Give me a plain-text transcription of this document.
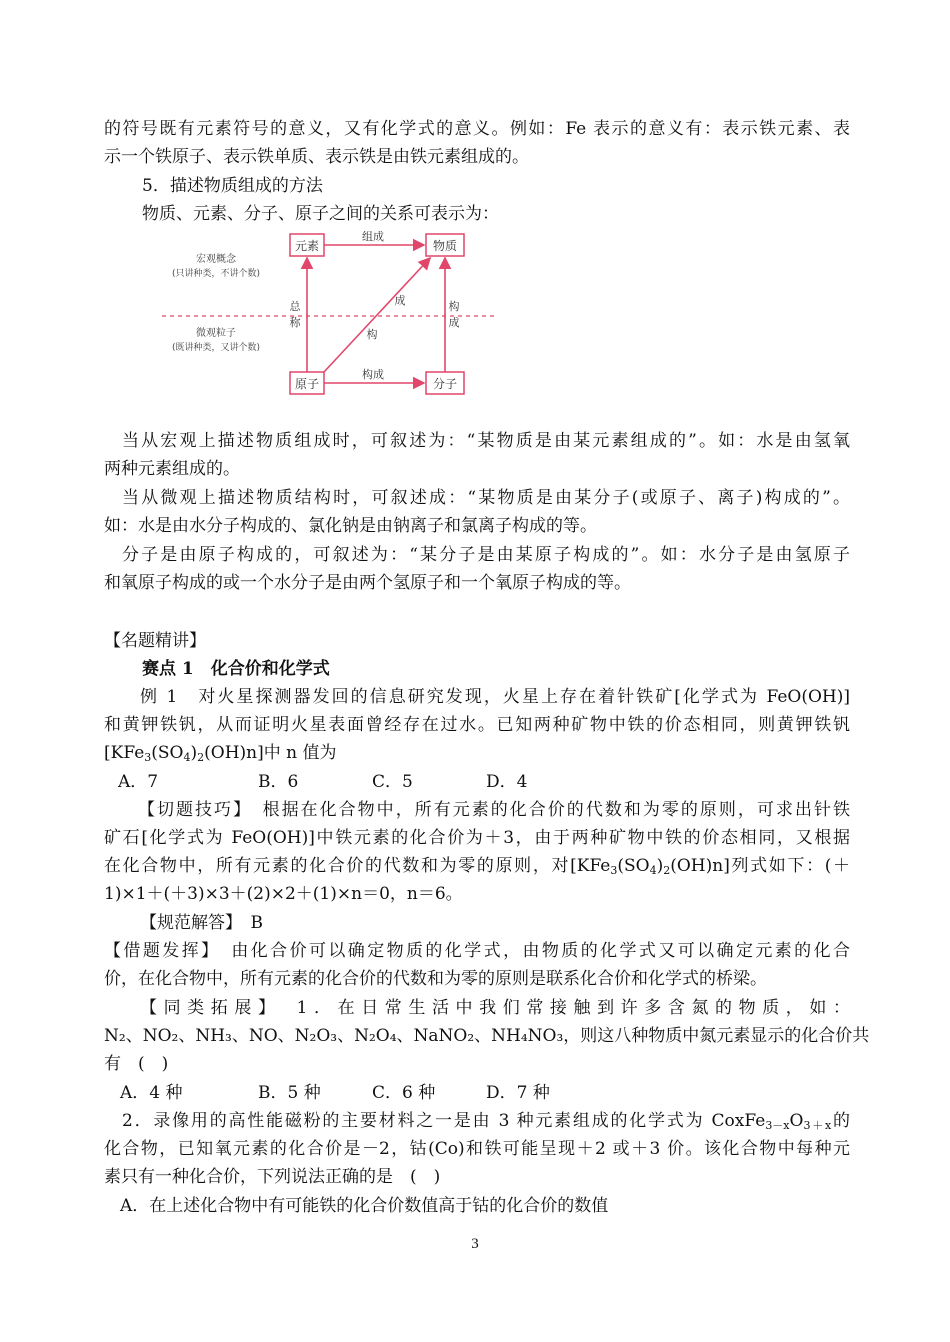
的符号既有元素符号的意义，又有化学式的意义。例如：Fe 表示的意义有：表示铁元素、表
示一个铁原子、表示铁单质、表示铁是由铁元素组成的。
5．描述物质组成的方法
物质、元素、分子、原子之间的关系可表示为：
元素	物质
原子	分子
组成
构成
总
称
成
构
构
成
宏观概念
(只讲种类，不讲个数)
微观粒子
(既讲种类，又讲个数)
当从宏观上描述物质组成时，可叙述为：“某物质是由某元素组成的”。如：水是由氢氧
两种元素组成的。
当从微观上描述物质结构时，可叙述成：“某物质是由某分子(或原子、离子)构成的”。
如：水是由水分子构成的、氯化钠是由钠离子和氯离子构成的等。
分子是由原子构成的，可叙述为：“某分子是由某原子构成的”。如：水分子是由氢原子
和氧原子构成的或一个水分子是由两个氢原子和一个氧原子构成的等。
【名题精讲】
赛点 1　化合价和化学式
例 1　对火星探测器发回的信息研究发现，火星上存在着针铁矿[化学式为 FeO(OH)]
和黄钾铁钒，从而证明火星表面曾经存在过水。已知两种矿物中铁的价态相同，则黄钾铁钒
$[KFe_3(SO_4)_2(OH)n]$中 n 值为
A．7	B．6	C．5	D．4
【切题技巧】　根据在化合物中，所有元素的化合价的代数和为零的原则，可求出针铁
矿石[化学式为 FeO(OH)]中铁元素的化合价为＋3，由于两种矿物中铁的价态相同，又根据
在化合物中，所有元素的化合价的代数和为零的原则，对$[KFe_3(SO_4)_2(OH)n]$列式如下：(＋
1)×1＋(＋3)×3＋(2)×2＋(1)×n＝0，n＝6。
【规范解答】　B
【借题发挥】　由化合价可以确定物质的化学式，由物质的化学式又可以确定元素的化合
价，在化合物中，所有元素的化合价的代数和为零的原则是联系化合价和化学式的桥梁。
【同类拓展】　1．在日常生活中我们常接触到许多含氮的物质，如：
N₂、NO₂、NH₃、NO、N₂O₃、N₂O₄、NaNO₂、NH₄NO₃，则这八种物质中氮元素显示的化合价共
有　(　)
A．4 种	B．5 种	C．6 种	D．7 种
2．录像用的高性能磁粉的主要材料之一是由 3 种元素组成的化学式为 $CoxFe_{3-x}O_{3+x}$的
化合物，已知氧元素的化合价是－2，钴(Co)和铁可能呈现＋2 或＋3 价。该化合物中每种元
素只有一种化合价，下列说法正确的是　(　)
A．在上述化合物中有可能铁的化合价数值高于钴的化合价的数值
3
